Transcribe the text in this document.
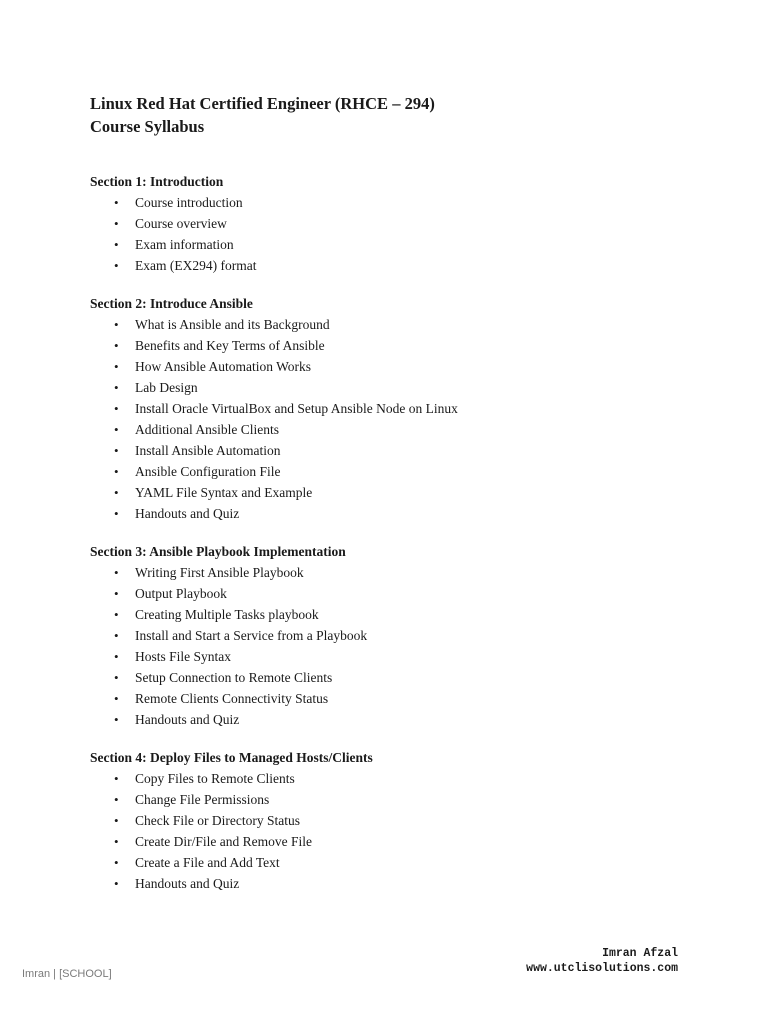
Linux Red Hat Certified Engineer (RHCE – 294)
Course Syllabus
Section 1: Introduction
• Course introduction
• Course overview
• Exam information
• Exam (EX294) format
Section 2: Introduce Ansible
• What is Ansible and its Background
• Benefits and Key Terms of Ansible
• How Ansible Automation Works
• Lab Design
• Install Oracle VirtualBox and Setup Ansible Node on Linux
• Additional Ansible Clients
• Install Ansible Automation
• Ansible Configuration File
• YAML File Syntax and Example
• Handouts and Quiz
Section 3: Ansible Playbook Implementation
• Writing First Ansible Playbook
• Output Playbook
• Creating Multiple Tasks playbook
• Install and Start a Service from a Playbook
• Hosts File Syntax
• Setup Connection to Remote Clients
• Remote Clients Connectivity Status
• Handouts and Quiz
Section 4: Deploy Files to Managed Hosts/Clients
• Copy Files to Remote Clients
• Change File Permissions
• Check File or Directory Status
• Create Dir/File and Remove File
• Create a File and Add Text
• Handouts and Quiz
Imran Afzal
www.utclisolutions.com
Imran | [SCHOOL]
